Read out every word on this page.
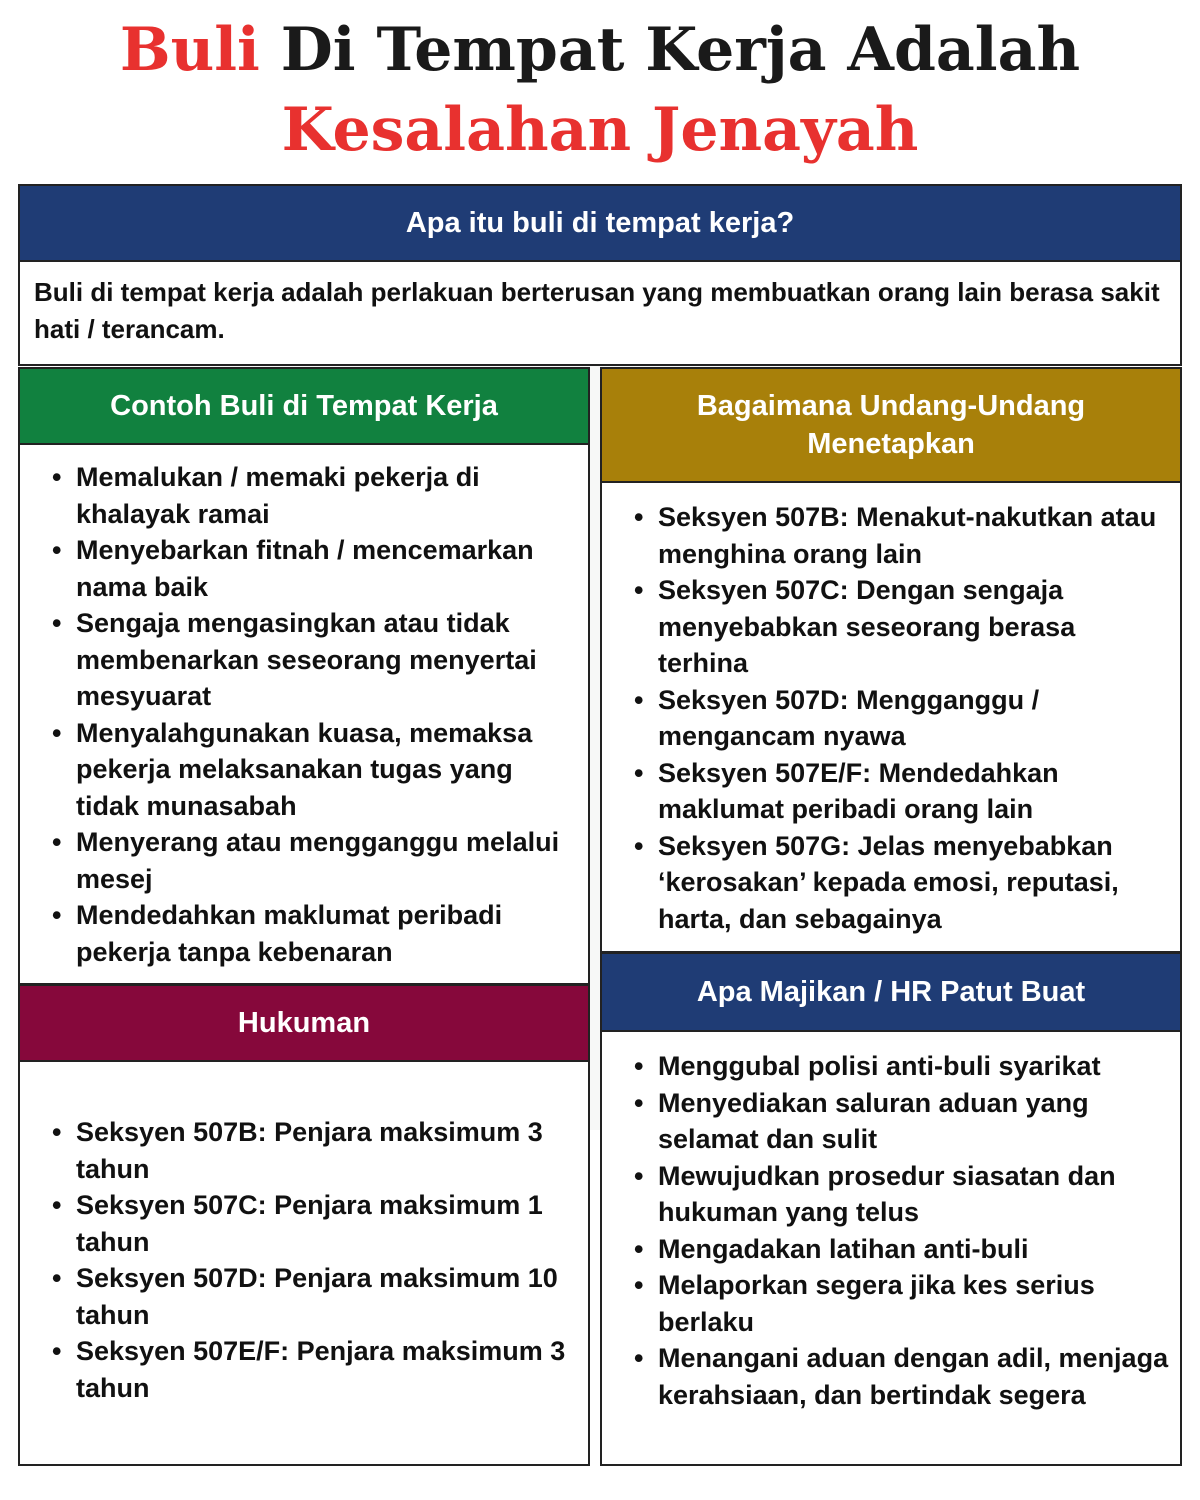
Buli Di Tempat Kerja Adalah
Kesalahan Jenayah
Apa itu buli di tempat kerja?
Buli di tempat kerja adalah perlakuan berterusan yang membuatkan orang lain berasa sakit hati / terancam.
Contoh Buli di Tempat Kerja
• Memalukan / memaki pekerja di khalayak ramai
• Menyebarkan fitnah / mencemarkan nama baik
• Sengaja mengasingkan atau tidak membenarkan seseorang menyertai mesyuarat
• Menyalahgunakan kuasa, memaksa pekerja melaksanakan tugas yang tidak munasabah
• Menyerang atau mengganggu melalui mesej
• Mendedahkan maklumat peribadi pekerja tanpa kebenaran
Hukuman
• Seksyen 507B: Penjara maksimum 3 tahun
• Seksyen 507C: Penjara maksimum 1 tahun
• Seksyen 507D: Penjara maksimum 10 tahun
• Seksyen 507E/F: Penjara maksimum 3 tahun
Bagaimana Undang-Undang Menetapkan
• Seksyen 507B: Menakut-nakutkan atau menghina orang lain
• Seksyen 507C: Dengan sengaja menyebabkan seseorang berasa terhina
• Seksyen 507D: Mengganggu / mengancam nyawa
• Seksyen 507E/F: Mendedahkan maklumat peribadi orang lain
• Seksyen 507G: Jelas menyebabkan ‘kerosakan’ kepada emosi, reputasi, harta, dan sebagainya
Apa Majikan / HR Patut Buat
• Menggubal polisi anti-buli syarikat
• Menyediakan saluran aduan yang selamat dan sulit
• Mewujudkan prosedur siasatan dan hukuman yang telus
• Mengadakan latihan anti-buli
• Melaporkan segera jika kes serius berlaku
• Menangani aduan dengan adil, menjaga kerahsiaan, dan bertindak segera
